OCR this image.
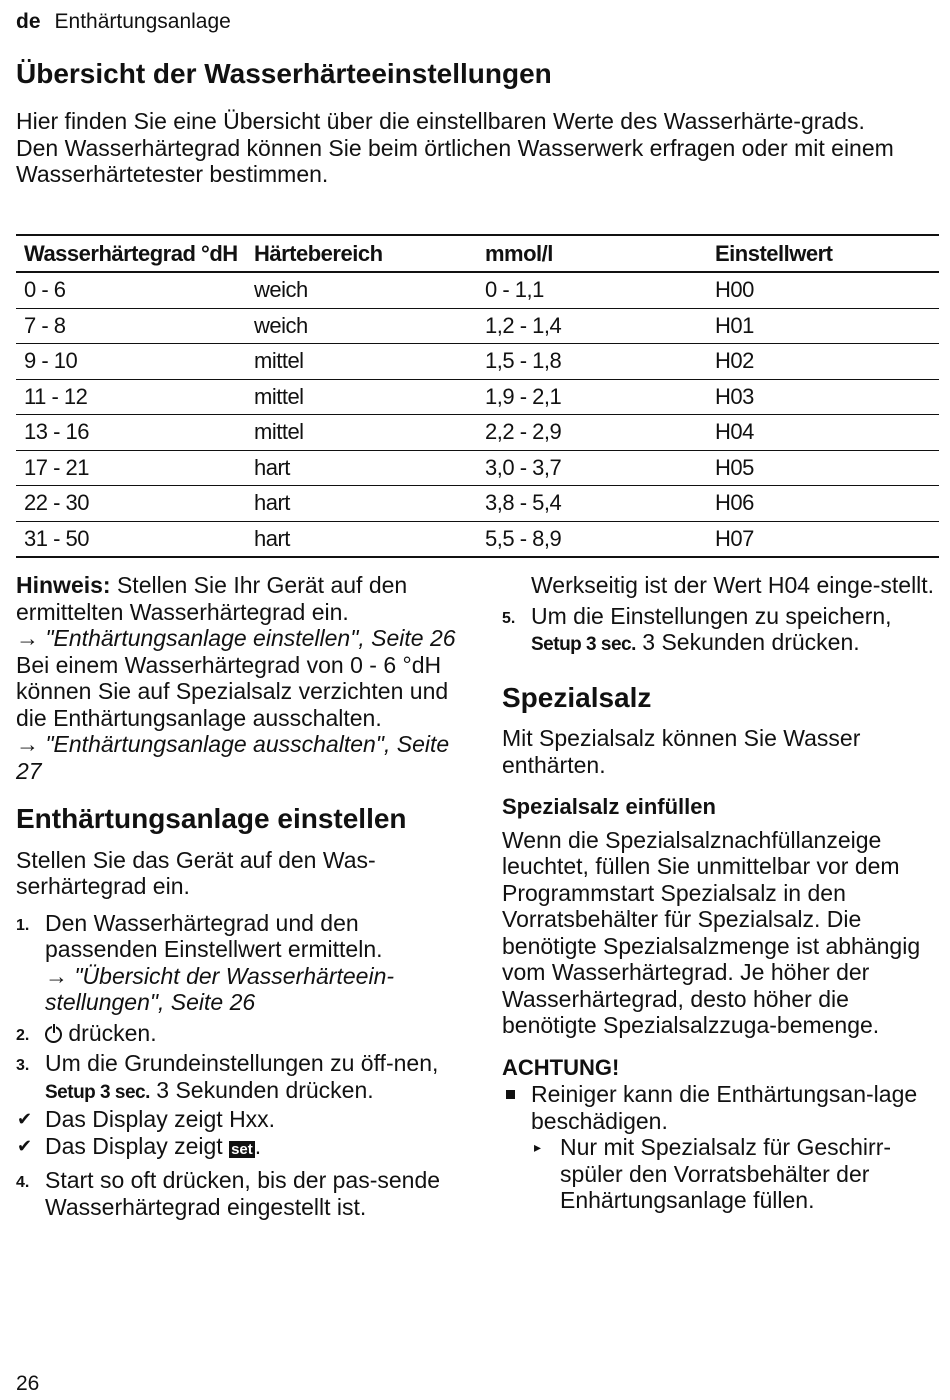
de Enthärtungsanlage
Übersicht der Wasserhärteeinstellungen

Hier finden Sie eine Übersicht über die einstellbaren Werte des Wasserhärte-grads.

Den Wasserhärtegrad können Sie beim örtlichen Wasserwerk erfragen oder mit einem Wasserhärtetester bestimmen.

Wasserhärtegrad °dH	Härtebereich	mmol/l	Einstellwert
0 - 6	weich	0 - 1,1	H00
7 - 8	weich	1,2 - 1,4	H01
9 - 10	mittel	1,5 - 1,8	H02
11 - 12	mittel	1,9 - 2,1	H03
13 - 16	mittel	2,2 - 2,9	H04
17 - 21	hart	3,0 - 3,7	H05
22 - 30	hart	3,8 - 5,4	H06
31 - 50	hart	5,5 - 8,9	H07

Hinweis: Stellen Sie Ihr Gerät auf den ermittelten Wasserhärtegrad ein.

→ "Enthärtungsanlage einstellen", Seite 26

Bei einem Wasserhärtegrad von 0 - 6 °dH können Sie auf Spezialsalz verzichten und die Enthärtungsanlage ausschalten.

→ "Enthärtungsanlage ausschalten", Seite 27

Enthärtungsanlage einstellen

Stellen Sie das Gerät auf den Was-serhärtegrad ein.

1. Den Wasserhärtegrad und den passenden Einstellwert ermitteln.
→ "Übersicht der Wasserhärteein-stellungen", Seite 26
2. drücken.
3. Um die Grundeinstellungen zu öff-nen, Setup 3 sec. 3 Sekunden drücken.
✔ Das Display zeigt Hxx.
✔ Das Display zeigt set.
4. Start so oft drücken, bis der pas-sende Wasserhärtegrad eingestellt ist.
Werkseitig ist der Wert H04 einge-stellt.
5. Um die Einstellungen zu speichern, Setup 3 sec. 3 Sekunden drücken.
Spezialsalz

Mit Spezialsalz können Sie Wasser enthärten.

Spezialsalz einfüllen

Wenn die Spezialsalznachfüllanzeige leuchtet, füllen Sie unmittelbar vor dem Programmstart Spezialsalz in den Vorratsbehälter für Spezialsalz. Die benötigte Spezialsalzmenge ist abhängig vom Wasserhärtegrad. Je höher der Wasserhärtegrad, desto höher die benötigte Spezialsalzzuga-bemenge.

ACHTUNG!
Reiniger kann die Enthärtungsan-lage beschädigen.
▸ Nur mit Spezialsalz für Geschirr-spüler den Vorratsbehälter der Enhärtungsanlage füllen.
26
